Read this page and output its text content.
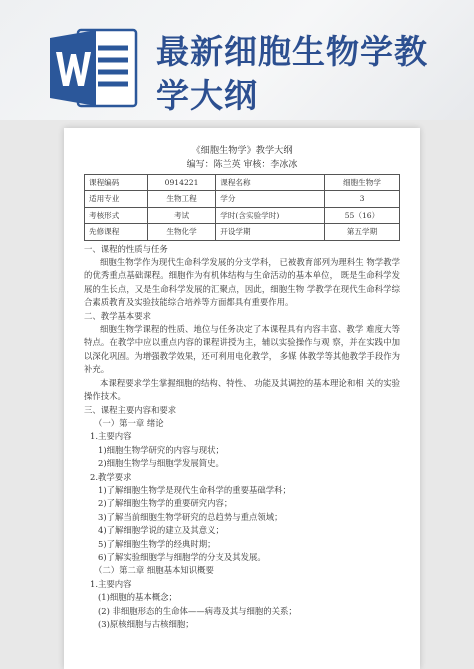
最新细胞生物学教
学大纲
《细胞生物学》教学大纲
编写：陈兰英 审核：李冰冰
课程编码	0914221	课程名称	细胞生物学
适用专业	生物工程	学分	3
考核形式	考试	学时(含实验学时)	55（16）
先修课程	生物化学	开设学期	第五学期

一、课程的性质与任务

细胞生物学作为现代生命科学发展的分支学科， 已被教育部列为理科生 物学教学的优秀重点基础课程。细胞作为有机体结构与生命活动的基本单位， 既是生命科学发展的生长点，又是生命科学发展的汇聚点，因此，细胞生物 学教学在现代生命科学综合素质教育及实验技能综合培养等方面都具有重要作用。

二、教学基本要求

细胞生物学课程的性质、地位与任务决定了本课程具有内容丰富、教学 难度大等特点。在教学中应以重点内容的课程讲授为主，辅以实验操作与观 察，并在实践中加以深化巩固。为增强教学效果，还可利用电化教学， 多媒 体教学等其他教学手段作为补充。

本课程要求学生掌握细胞的结构、特性、 功能及其调控的基本理论和相 关的实验操作技术。

三、课程主要内容和要求

（一）第一章 绪论

1.主要内容

1)细胞生物学研究的内容与现状；

2)细胞生物学与细胞学发展简史。

2.教学要求

1)了解细胞生物学是现代生命科学的重要基础学科；

2)了解细胞生物学的重要研究内容；

3)了解当前细胞生物学研究的总趋势与重点领域；

4)了解细胞学说的建立及其意义；

5)了解细胞生物学的经典时期；

6)了解实验细胞学与细胞学的分支及其发展。

（二）第二章 细胞基本知识概要

1.主要内容

(1)细胞的基本概念；

(2) 非细胞形态的生命体——病毒及其与细胞的关系；

(3)原核细胞与古核细胞；
